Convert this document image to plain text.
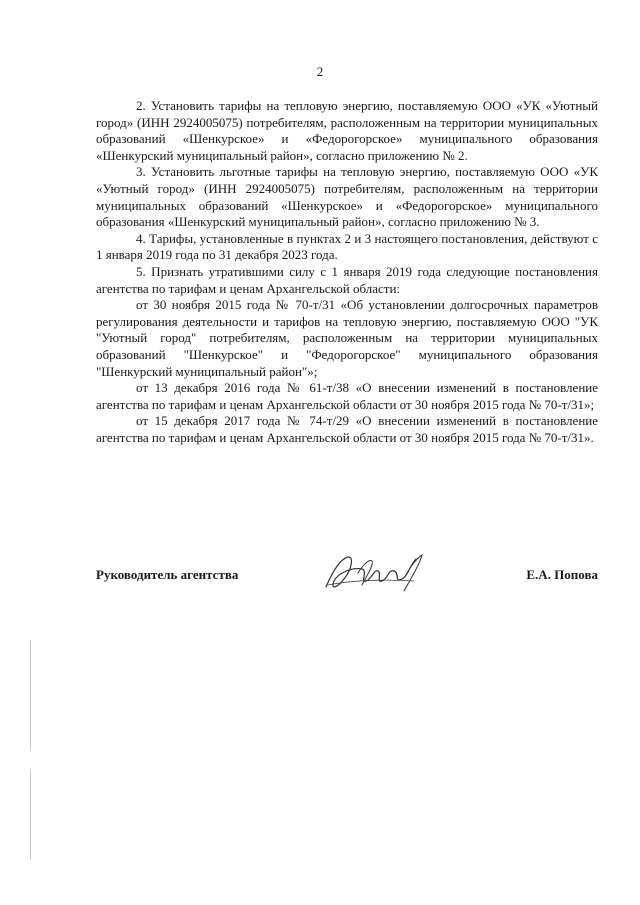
2

2. Установить тарифы на тепловую энергию, поставляемую ООО «УК «Уютный город» (ИНН 2924005075) потребителям, расположенным на территории муниципальных образований «Шенкурское» и «Федорогорское» муниципального образования «Шенкурский муниципальный район», согласно приложению № 2.

3. Установить льготные тарифы на тепловую энергию, поставляемую ООО «УК «Уютный город» (ИНН 2924005075) потребителям, расположенным на территории муниципальных образований «Шенкурское» и «Федорогорское» муниципального образования «Шенкурский муниципальный район», согласно приложению № 3.

4. Тарифы, установленные в пунктах 2 и 3 настоящего постановления, действуют с 1 января 2019 года по 31 декабря 2023 года.

5. Признать утратившими силу с 1 января 2019 года следующие постановления агентства по тарифам и ценам Архангельской области:

от 30 ноября 2015 года № 70-т/31 «Об установлении долгосрочных параметров регулирования деятельности и тарифов на тепловую энергию, поставляемую ООО "УК "Уютный город" потребителям, расположенным на территории муниципальных образований "Шенкурское" и "Федорогорское" муниципального образования "Шенкурский муниципальный район"»;

от 13 декабря 2016 года № 61-т/38 «О внесении изменений в постановление агентства по тарифам и ценам Архангельской области от 30 ноября 2015 года № 70-т/31»;

от 15 декабря 2017 года № 74-т/29 «О внесении изменений в постановление агентства по тарифам и ценам Архангельской области от 30 ноября 2015 года № 70-т/31».

Руководитель агентства	Е.А. Попова
